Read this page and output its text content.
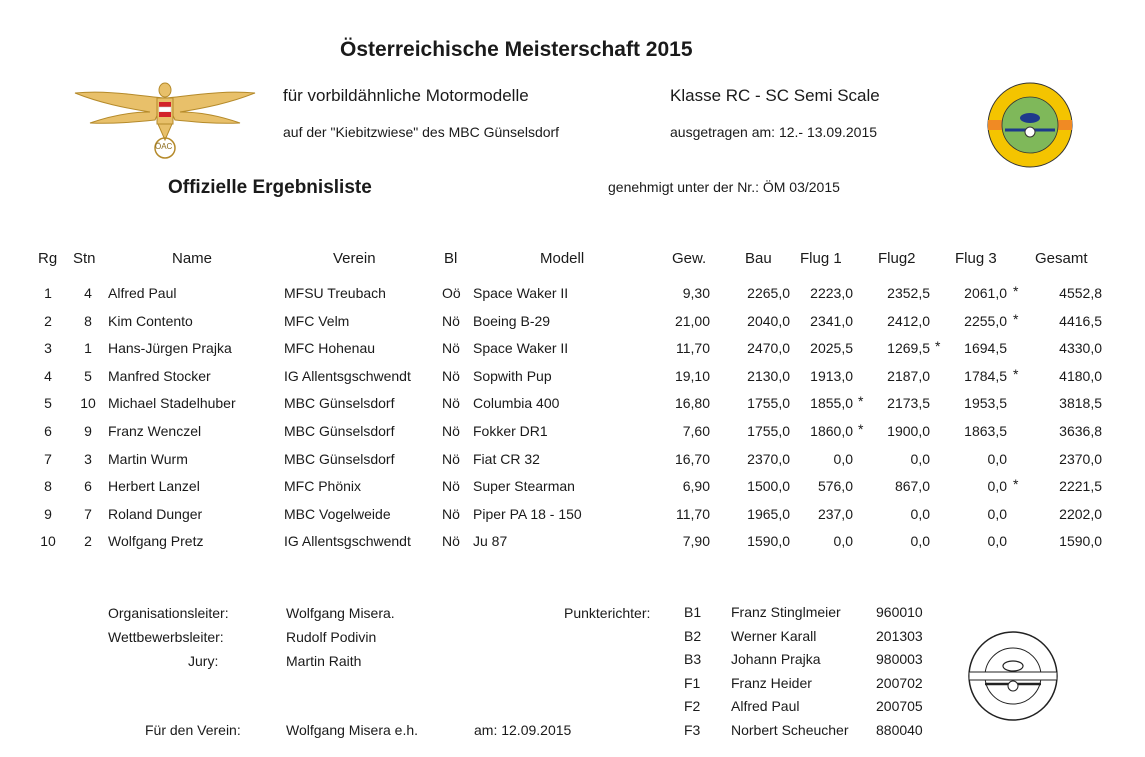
ÖAC
Österreichische Meisterschaft 2015
für vorbildähnliche Motormodelle	Klasse RC - SC Semi Scale
auf der "Kiebitzwiese" des MBC Günselsdorf	ausgetragen am: 12.- 13.09.2015
Offizielle Ergebnisliste	genehmigt unter der Nr.: ÖM 03/2015
Rg Stn	Name	Verein	Bl	Modell	Gew.	Bau Flug 1 Flug2	Flug 3	Gesamt
1	4	Alfred Paul	MFSU Treubach	Oö Space Waker II	9,30	2265,0	2223,0	2352,5	2061,0	4552,8
*
2	8	Kim Contento	MFC Velm	Nö Boeing B-29	21,00	2040,0	2341,0	2412,0	2255,0	4416,5
*
3	1	Hans-Jürgen Prajka	MFC Hohenau	Nö Space Waker II	11,70	2470,0	2025,5	1269,5	1694,5	4330,0
*
4	5	Manfred Stocker	IG Allentsgschwendt	Nö Sopwith Pup	19,10	2130,0	1913,0	2187,0	1784,5	4180,0
*
5	10 Michael Stadelhuber	MBC Günselsdorf	Nö Columbia 400	16,80	1755,0	1855,0	2173,5	1953,5	3818,5
*
6	9	Franz Wenczel	MBC Günselsdorf	Nö Fokker DR1	7,60	1755,0	1860,0	1900,0	1863,5	3636,8
*
7	3	Martin Wurm	MBC Günselsdorf	Nö Fiat CR 32	16,70	2370,0	0,0	0,0	0,0	2370,0
8	6	Herbert Lanzel	MFC Phönix	Nö Super Stearman	6,90	1500,0	576,0	867,0	0,0	2221,5
*
9	7	Roland Dunger	MBC Vogelweide	Nö Piper PA 18 - 150	11,70	1965,0	237,0	0,0	0,0	2202,0
10	2	Wolfgang Pretz	IG Allentsgschwendt	Nö Ju 87	7,90	1590,0	0,0	0,0	0,0	1590,0
Organisationsleiter:	Wolfgang Misera.
Wettbewerbsleiter:	Rudolf Podivin
Jury:	Martin Raith
Für den Verein:	Wolfgang Misera e.h.	am: 12.09.2015
Punkterichter: B1 Franz Stinglmeier	960010
B2 Werner Karall	201303
B3 Johann Prajka	980003
F1 Franz Heider	200702
F2 Alfred Paul	200705
F3 Norbert Scheucher 880040
